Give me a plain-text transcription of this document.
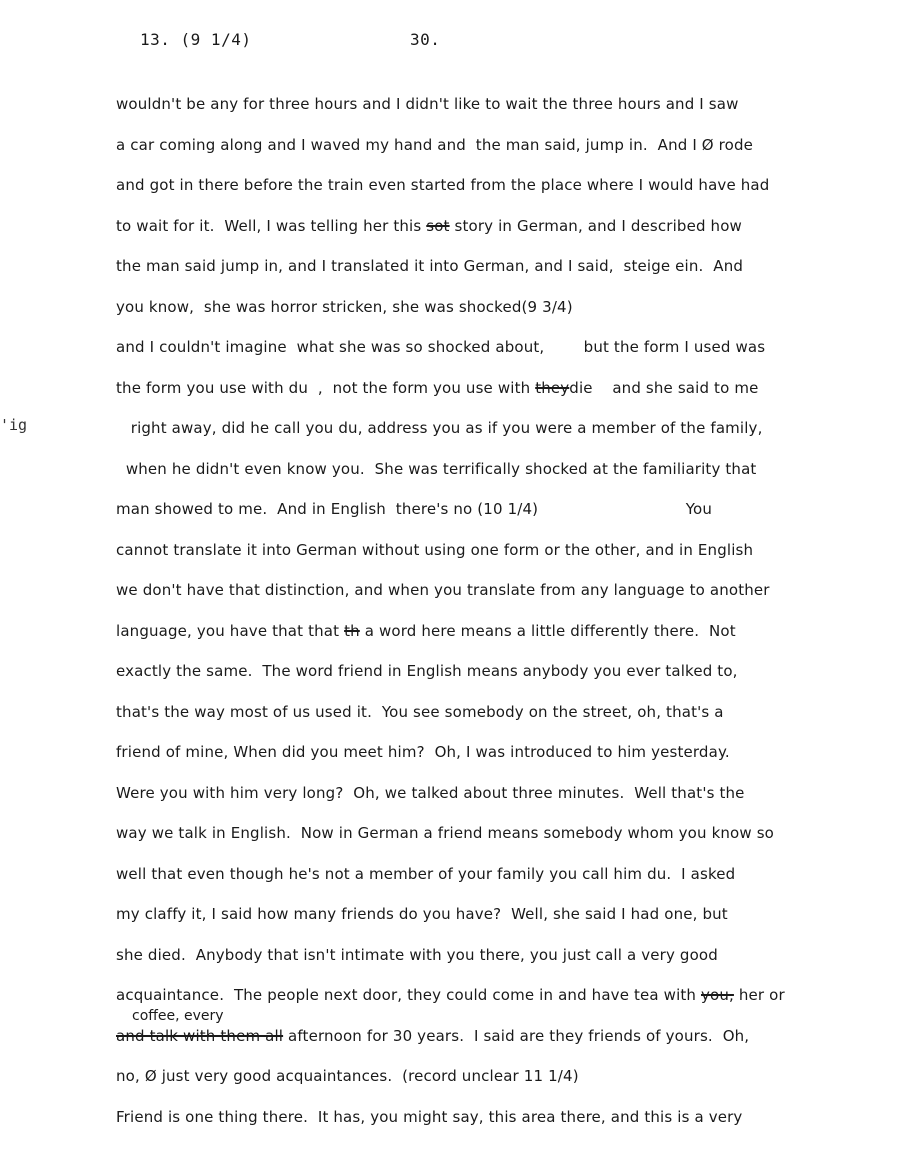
13. (9 1/4)	30.
'ig
coffee, every
wouldn't be any for three hours and I didn't like to wait the three hours and I saw
a car coming along and I waved my hand and  the man said, jump in.  And I Ø rode
and got in there before the train even started from the place where I would have had
to wait for it.  Well, I was telling her this sot story in German, and I described how
the man said jump in, and I translated it into German, and I said,  steige ein.  And
you know,  she was horror stricken, she was shocked(9 3/4)
and I couldn't imagine  what she was so shocked about,        but the form I used was
the form you use with du  ,  not the form you use with theydie    and she said to me
right away, did he call you du, address you as if you were a member of the family,
when he didn't even know you.  She was terrifically shocked at the familiarity that
man showed to me.  And in English  there's no (10 1/4)                              You
cannot translate it into German without using one form or the other, and in English
we don't have that distinction, and when you translate from any language to another
language, you have that that th a word here means a little differently there.  Not
exactly the same.  The word friend in English means anybody you ever talked to,
that's the way most of us used it.  You see somebody on the street, oh, that's a
friend of mine, When did you meet him?  Oh, I was introduced to him yesterday.
Were you with him very long?  Oh, we talked about three minutes.  Well that's the
way we talk in English.  Now in German a friend means somebody whom you know so
well that even though he's not a member of your family you call him du.  I asked
my claffy it, I said how many friends do you have?  Well, she said I had one, but
she died.  Anybody that isn't intimate with you there, you just call a very good
acquaintance.  The people next door, they could come in and have tea with you, her or
and talk with them all afternoon for 30 years.  I said are they friends of yours.  Oh,
no, Ø just very good acquaintances.  (record unclear 11 1/4)
Friend is one thing there.  It has, you might say, this area there, and this is a very
